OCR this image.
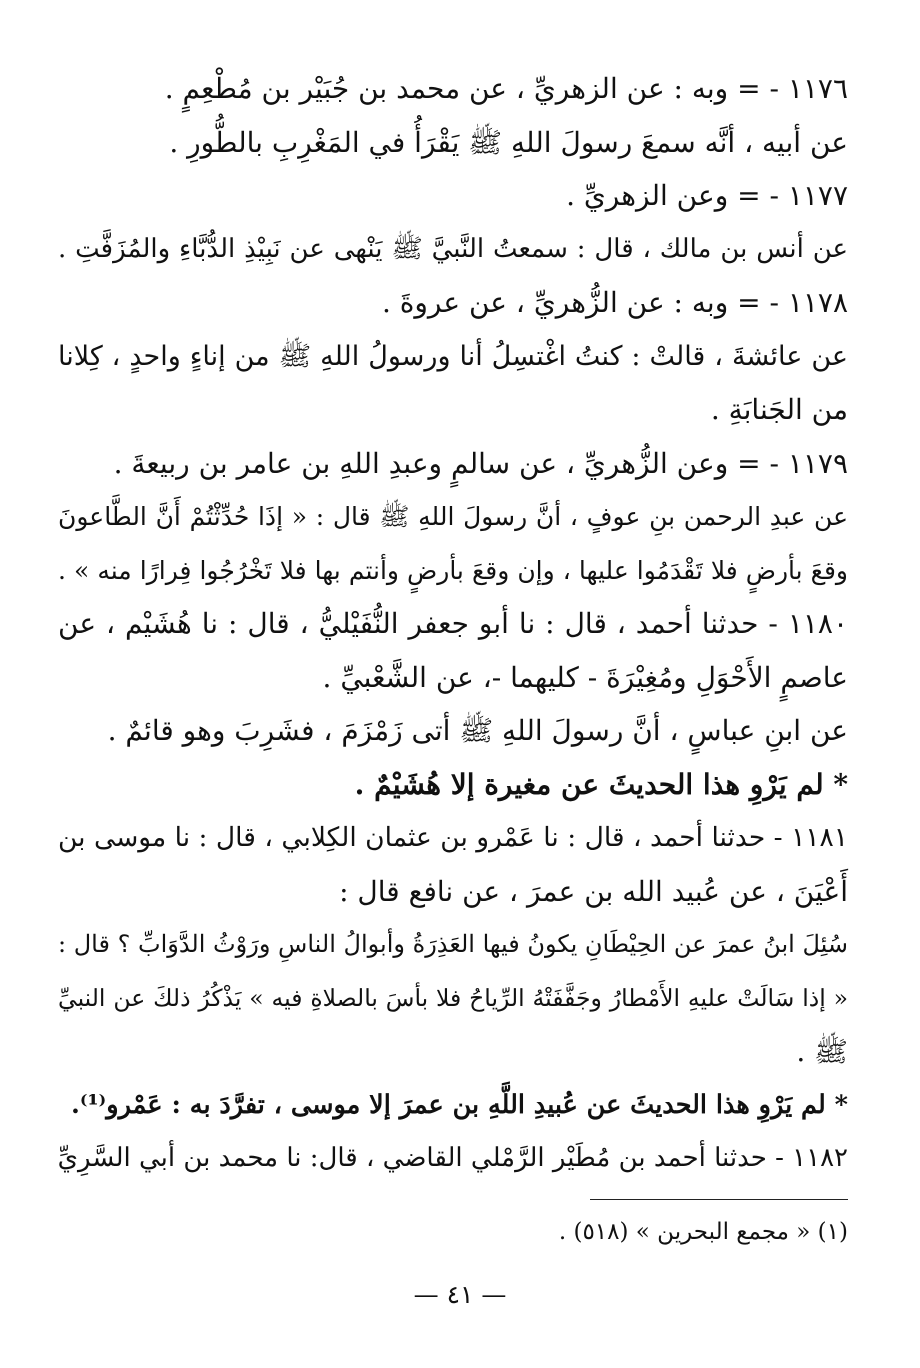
١١٧٦ - = وبه : عن الزهريِّ ، عن محمد بن جُبَيْر بن مُطْعِمٍ .
عن أبيه ، أنَّه سمعَ رسولَ اللهِ ﷺ يَقْرَأُ في المَغْرِبِ بالطُّورِ .
١١٧٧ - = وعن الزهريِّ .
عن أنس بن مالك ، قال : سمعتُ النَّبيَّ ﷺ يَنْهى عن نَبِيْذِ الدُّبَّاءِ والمُزَفَّتِ .
١١٧٨ - = وبه : عن الزُّهريِّ ، عن عروةَ .
عن عائشةَ ، قالتْ : كنتُ اغْتسِلُ أنا ورسولُ اللهِ ﷺ من إناءٍ واحدٍ ، كِلانا
من الجَنابَةِ .
١١٧٩ - = وعن الزُّهريِّ ، عن سالمٍ وعبدِ اللهِ بن عامر بن ربيعةَ .
عن عبدِ الرحمن بنِ عوفٍ ، أنَّ رسولَ اللهِ ﷺ قال : « إذَا حُدِّثْتُمْ أَنَّ الطَّاعونَ
وقعَ بأرضٍ فلا تَقْدَمُوا عليها ، وإن وقعَ بأرضٍ وأنتم بها فلا تَخْرُجُوا فِرارًا منه » .
١١٨٠ - حدثنا أحمد ، قال : نا أبو جعفر النُّفَيْليُّ ، قال : نا هُشَيْم ، عن
عاصمٍ الأَحْوَلِ ومُغِيْرَةَ - كليهما -، عن الشَّعْبيِّ .
عن ابنِ عباسٍ ، أنَّ رسولَ اللهِ ﷺ أتى زَمْزَمَ ، فشَرِبَ وهو قائمٌ .
* لم يَرْوِ هذا الحديثَ عن مغيرة إلا هُشَيْمٌ .
١١٨١ - حدثنا أحمد ، قال : نا عَمْرو بن عثمان الكِلابي ، قال : نا موسى بن
أَعْيَنَ ، عن عُبيد الله بن عمرَ ، عن نافع قال :
سُئِلَ ابنُ عمرَ عن الحِيْطَانِ يكونُ فيها العَذِرَةُ وأبوالُ الناسِ ورَوْثُ الدَّوَابِّ ؟ قال :
« إذا سَالَتْ عليهِ الأَمْطارُ وجَفَّفَتْهُ الرِّياحُ فلا بأسَ بالصلاةِ فيه » يَذْكُرُ ذلكَ عن النبيِّ
ﷺ .
* لم يَرْوِ هذا الحديثَ عن عُبيدِ اللَّهِ بن عمرَ إلا موسى ، تفرَّدَ به : عَمْرو⁽¹⁾.
١١٨٢ - حدثنا أحمد بن مُطَيْر الرَّمْلي القاضي ، قال: نا محمد بن أبي السَّرِيِّ
(١) « مجمع البحرين » (٥١٨) .
— ٤١ —
